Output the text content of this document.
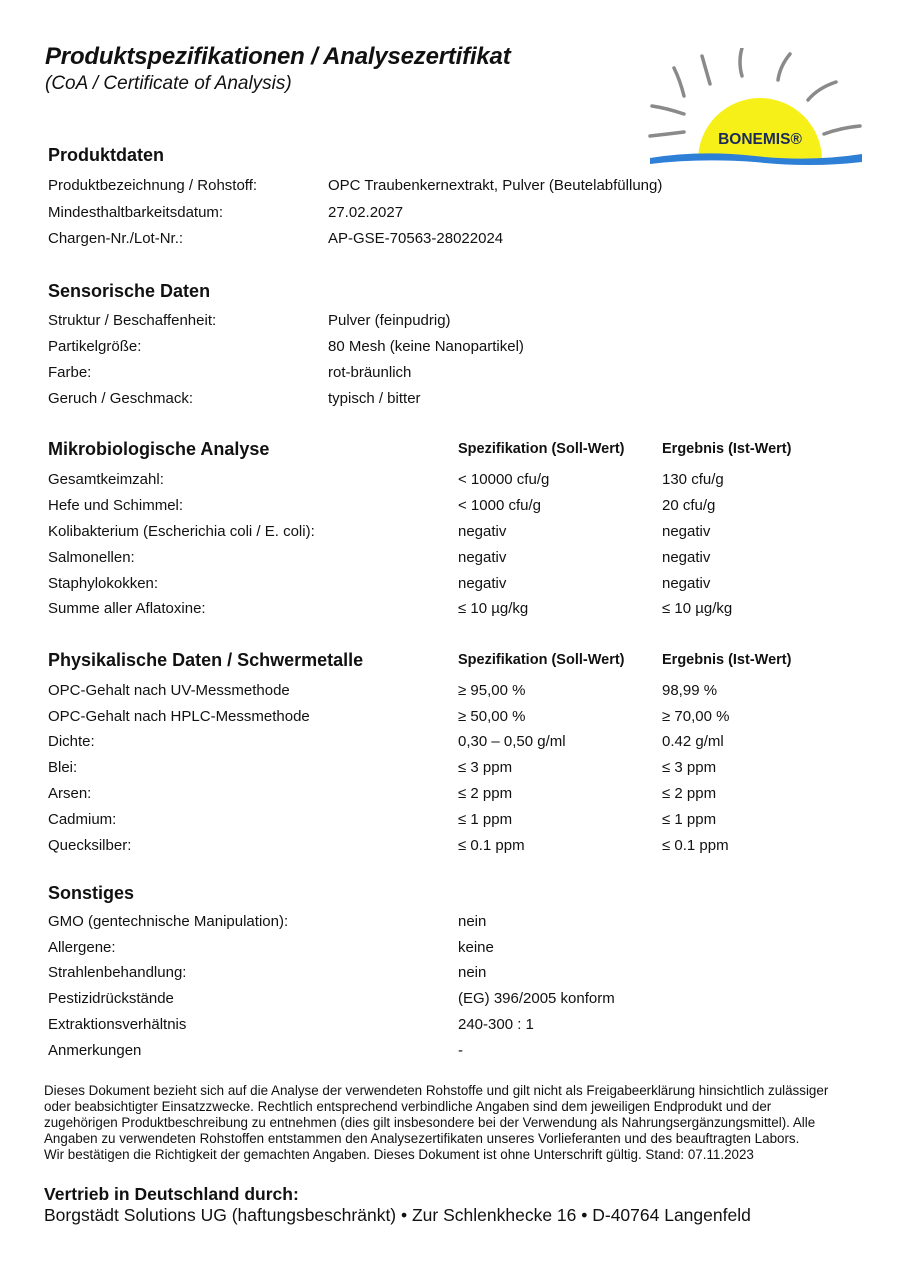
Produktspezifikationen / Analysezertifikat
(CoA / Certificate of Analysis)
BONEMIS®
Produktdaten
Produktbezeichnung / Rohstoff:	OPC Traubenkernextrakt, Pulver (Beutelabfüllung)
Mindesthaltbarkeitsdatum:	27.02.2027
Chargen-Nr./Lot-Nr.:	AP-GSE-70563-28022024
Sensorische Daten
Struktur / Beschaffenheit:	Pulver (feinpudrig)
Partikelgröße:	80 Mesh (keine Nanopartikel)
Farbe:	rot-bräunlich
Geruch / Geschmack:	typisch / bitter
Mikrobiologische Analyse	Spezifikation (Soll-Wert)	Ergebnis (Ist-Wert)
Gesamtkeimzahl:	< 10000 cfu/g	130 cfu/g
Hefe und Schimmel:	< 1000 cfu/g	20 cfu/g
Kolibakterium (Escherichia coli / E. coli):	negativ	negativ
Salmonellen:	negativ	negativ
Staphylokokken:	negativ	negativ
Summe aller Aflatoxine:	≤ 10 µg/kg	≤ 10 µg/kg
Physikalische Daten / Schwermetalle	Spezifikation (Soll-Wert)	Ergebnis (Ist-Wert)
OPC-Gehalt nach UV-Messmethode	≥ 95,00 %	98,99 %
OPC-Gehalt nach HPLC-Messmethode	≥ 50,00 %	≥ 70,00 %
Dichte:	0,30 – 0,50 g/ml	0.42 g/ml
Blei:	≤ 3 ppm	≤ 3 ppm
Arsen:	≤ 2 ppm	≤ 2 ppm
Cadmium:	≤ 1 ppm	≤ 1 ppm
Quecksilber:	≤ 0.1 ppm	≤ 0.1 ppm
Sonstiges
GMO (gentechnische Manipulation):	nein
Allergene:	keine
Strahlenbehandlung:	nein
Pestizidrückstände	(EG) 396/2005 konform
Extraktionsverhältnis	240-300 : 1
Anmerkungen	-
Dieses Dokument bezieht sich auf die Analyse der verwendeten Rohstoffe und gilt nicht als Freigabeerklärung hinsichtlich zulässiger
oder beabsichtigter Einsatzzwecke. Rechtlich entsprechend verbindliche Angaben sind dem jeweiligen Endprodukt und der
zugehörigen Produktbeschreibung zu entnehmen (dies gilt insbesondere bei der Verwendung als Nahrungsergänzungsmittel). Alle
Angaben zu verwendeten Rohstoffen entstammen den Analysezertifikaten unseres Vorlieferanten und des beauftragten Labors.
Wir bestätigen die Richtigkeit der gemachten Angaben. Dieses Dokument ist ohne Unterschrift gültig. Stand: 07.11.2023
Vertrieb in Deutschland durch:
Borgstädt Solutions UG (haftungsbeschränkt) • Zur Schlenkhecke 16 • D-40764 Langenfeld
